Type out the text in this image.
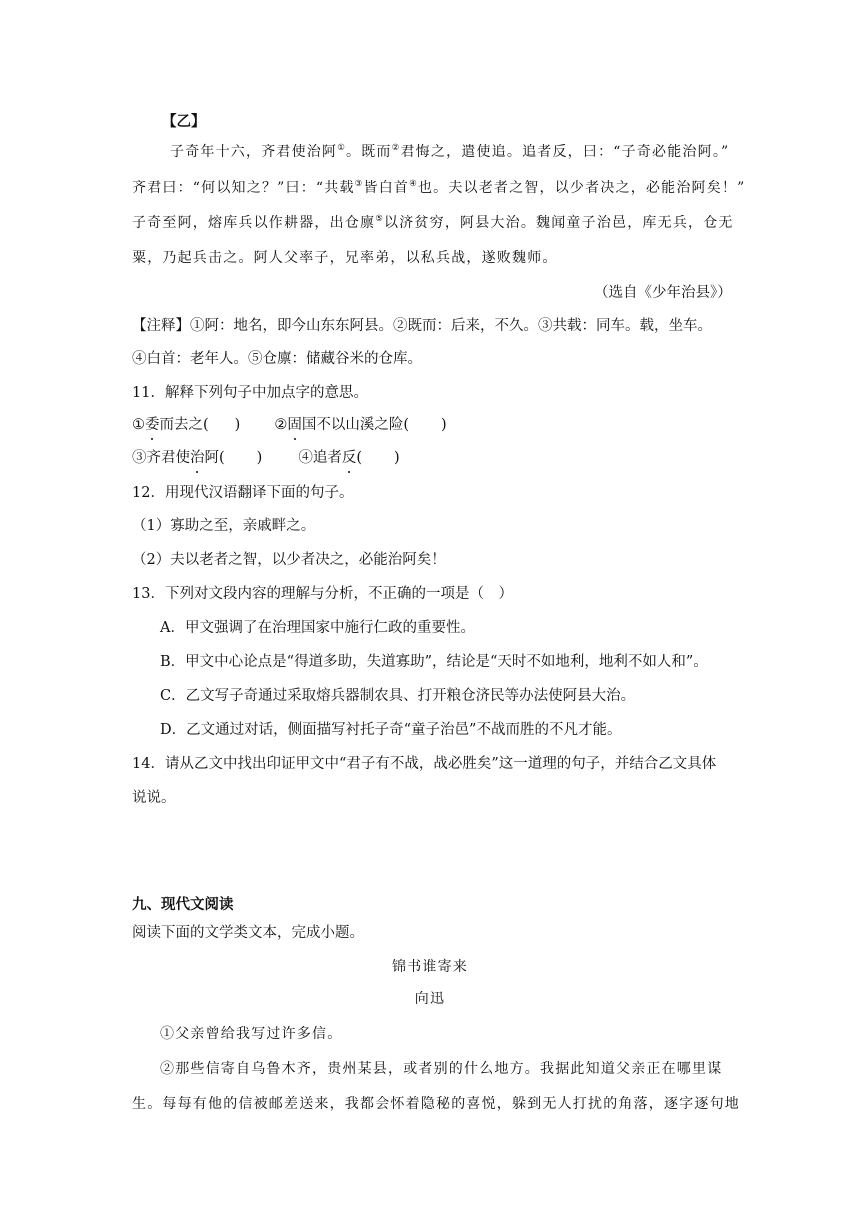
【乙】
子奇年十六，齐君使治阿①。既而②君悔之，遣使追。追者反，曰：“子奇必能治阿。”
齐君曰：“何以知之？”曰：“共载③皆白首④也。夫以老者之智，以少者决之，必能治阿矣！”
子奇至阿，熔库兵以作耕器，出仓廪⑤以济贫穷，阿县大治。魏闻童子治邑，库无兵，仓无
粟，乃起兵击之。阿人父率子，兄率弟，以私兵战，遂败魏师。
（选自《少年治县》）
【注释】①阿：地名，即今山东东阿县。②既而：后来，不久。③共载：同车。载，坐车。
④白首：老年人。⑤仓廪：储藏谷米的仓库。
11．解释下列句子中加点字的意思。
①委而去之( ) ②固国不以山溪之险( )
③齐君使治阿( ) ④追者反( )
12．用现代汉语翻译下面的句子。
（1）寡助之至，亲戚畔之。
（2）夫以老者之智，以少者决之，必能治阿矣！
13．下列对文段内容的理解与分析，不正确的一项是（　）
A．甲文强调了在治理国家中施行仁政的重要性。
B．甲文中心论点是“得道多助，失道寡助”，结论是“天时不如地利，地利不如人和”。
C．乙文写子奇通过采取熔兵器制农具、打开粮仓济民等办法使阿县大治。
D．乙文通过对话，侧面描写衬托子奇“童子治邑”不战而胜的不凡才能。
14．请从乙文中找出印证甲文中“君子有不战，战必胜矣”这一道理的句子，并结合乙文具体
说说。
九、现代文阅读
阅读下面的文学类文本，完成小题。
锦书谁寄来
向迅
①父亲曾给我写过许多信。
②那些信寄自乌鲁木齐，贵州某县，或者别的什么地方。我据此知道父亲正在哪里谋
生。每每有他的信被邮差送来，我都会怀着隐秘的喜悦，躲到无人打扰的角落，逐字逐句地
